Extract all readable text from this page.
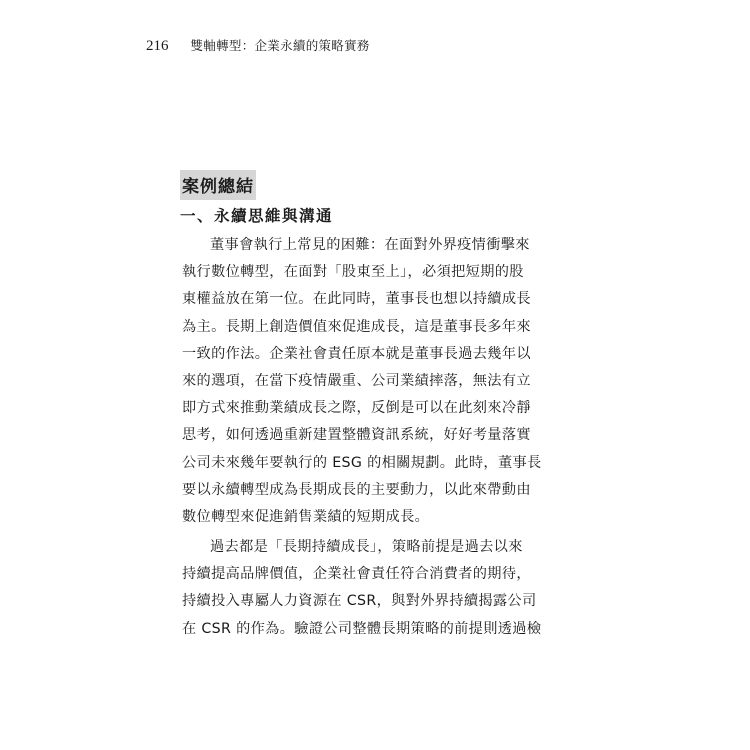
216 雙軸轉型：企業永續的策略實務
案例總結
一、永續思維與溝通
董事會執行上常見的困難：在面對外界疫情衝擊來
執行數位轉型，在面對「股東至上」，必須把短期的股
東權益放在第一位。在此同時，董事長也想以持續成長
為主。長期上創造價值來促進成長，這是董事長多年來
一致的作法。企業社會責任原本就是董事長過去幾年以
來的選項，在當下疫情嚴重、公司業績摔落，無法有立
即方式來推動業績成長之際，反倒是可以在此刻來冷靜
思考，如何透過重新建置整體資訊系統，好好考量落實
公司未來幾年要執行的 ESG 的相關規劃。此時，董事長
要以永續轉型成為長期成長的主要動力，以此來帶動由
數位轉型來促進銷售業績的短期成長。
過去都是「長期持續成長」，策略前提是過去以來
持續提高品牌價值，企業社會責任符合消費者的期待，
持續投入專屬人力資源在 CSR，與對外界持續揭露公司
在 CSR 的作為。驗證公司整體長期策略的前提則透過檢
